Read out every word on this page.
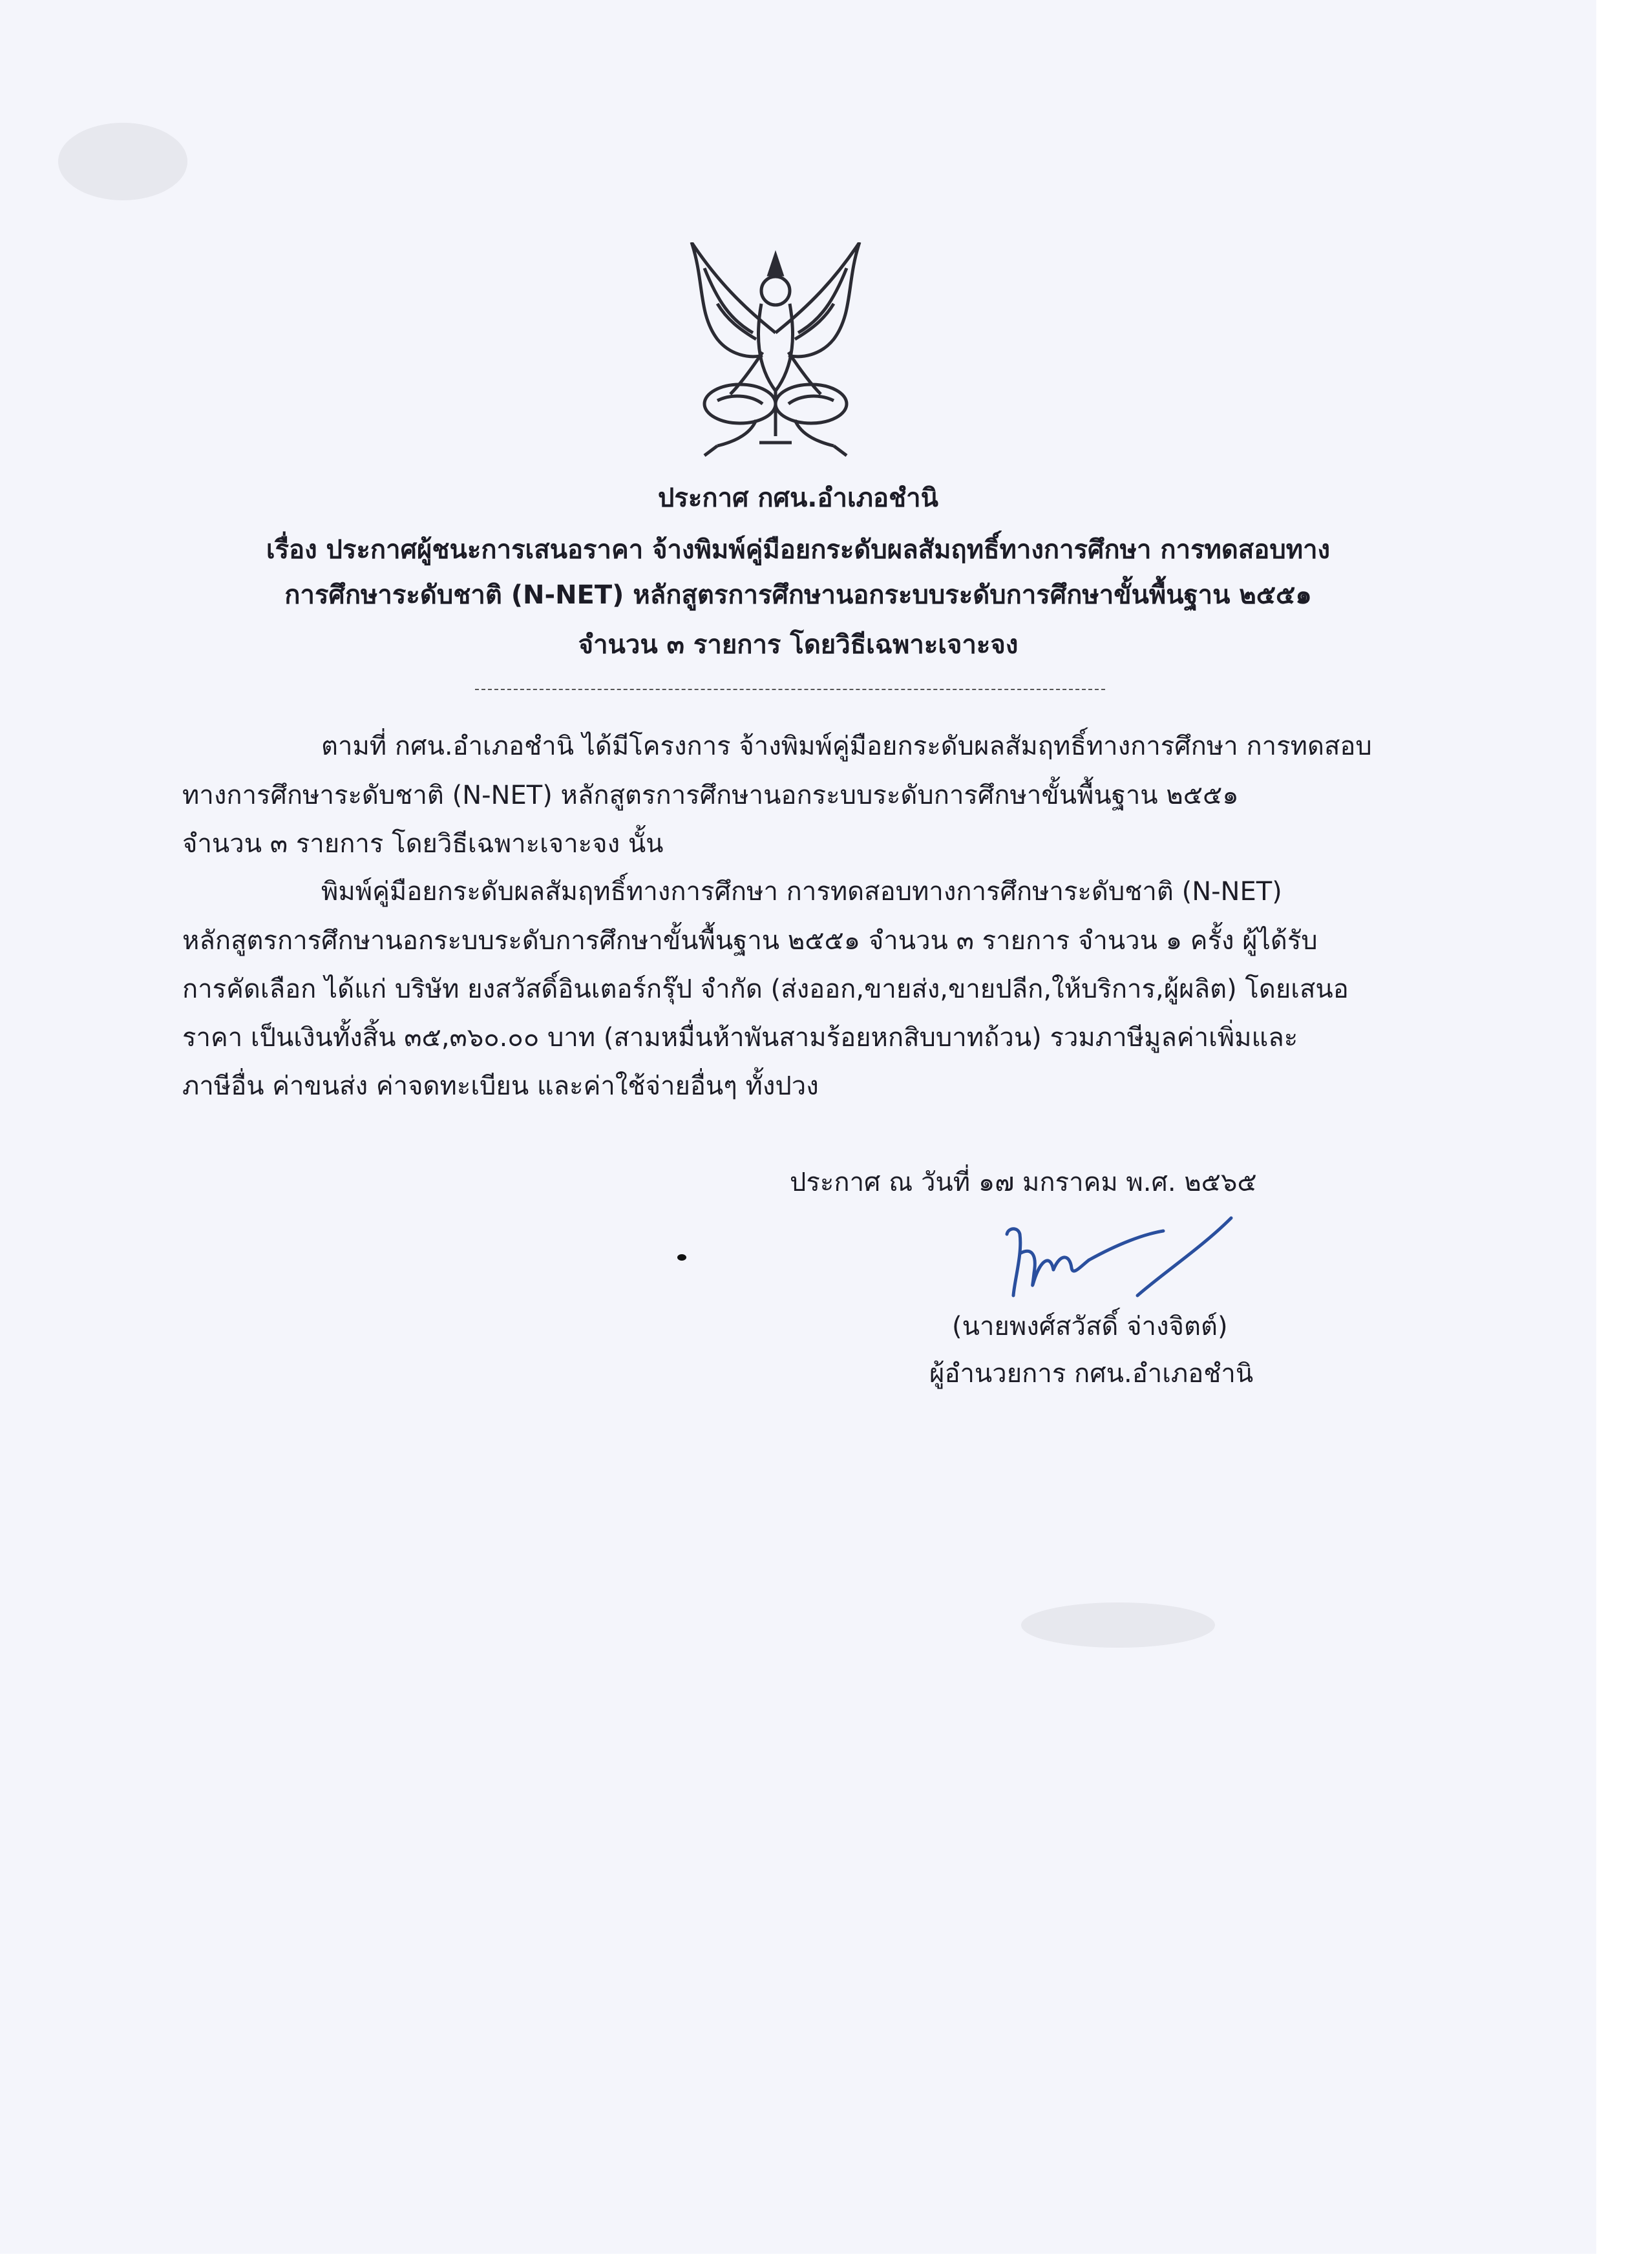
ประกาศ กศน.อำเภอชำนิ
เรื่อง ประกาศผู้ชนะการเสนอราคา จ้างพิมพ์คู่มือยกระดับผลสัมฤทธิ์ทางการศึกษา การทดสอบทาง
การศึกษาระดับชาติ (N-NET) หลักสูตรการศึกษานอกระบบระดับการศึกษาขั้นพื้นฐาน ๒๕๕๑
จำนวน ๓ รายการ โดยวิธีเฉพาะเจาะจง
ตามที่ กศน.อำเภอชำนิ ได้มีโครงการ จ้างพิมพ์คู่มือยกระดับผลสัมฤทธิ์ทางการศึกษา การทดสอบ
ทางการศึกษาระดับชาติ (N-NET) หลักสูตรการศึกษานอกระบบระดับการศึกษาขั้นพื้นฐาน ๒๕๕๑
จำนวน ๓ รายการ โดยวิธีเฉพาะเจาะจง นั้น
พิมพ์คู่มือยกระดับผลสัมฤทธิ์ทางการศึกษา การทดสอบทางการศึกษาระดับชาติ (N-NET)
หลักสูตรการศึกษานอกระบบระดับการศึกษาขั้นพื้นฐาน ๒๕๕๑ จำนวน ๓ รายการ จำนวน ๑ ครั้ง ผู้ได้รับ
การคัดเลือก ได้แก่ บริษัท ยงสวัสดิ์อินเตอร์กรุ๊ป จำกัด (ส่งออก,ขายส่ง,ขายปลีก,ให้บริการ,ผู้ผลิต) โดยเสนอ
ราคา เป็นเงินทั้งสิ้น ๓๕,๓๖๐.๐๐ บาท (สามหมื่นห้าพันสามร้อยหกสิบบาทถ้วน) รวมภาษีมูลค่าเพิ่มและ
ภาษีอื่น ค่าขนส่ง ค่าจดทะเบียน และค่าใช้จ่ายอื่นๆ ทั้งปวง
ประกาศ ณ วันที่ ๑๗ มกราคม พ.ศ. ๒๕๖๕
(นายพงศ์สวัสดิ์ จ่างจิตต์)
ผู้อำนวยการ กศน.อำเภอชำนิ
